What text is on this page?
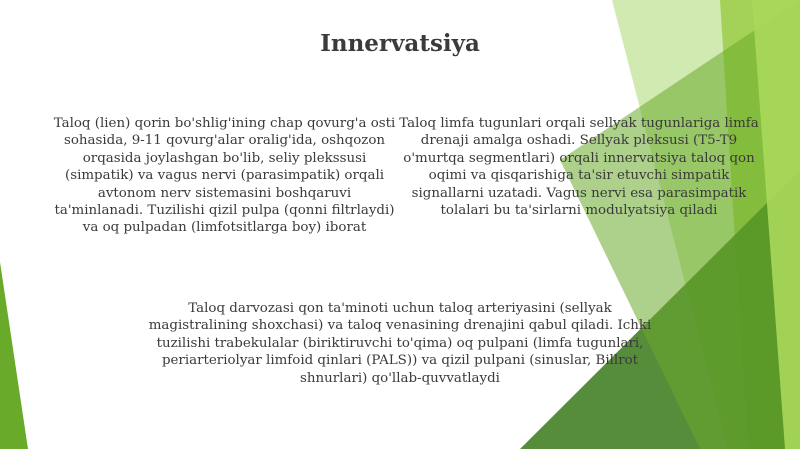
Innervatsiya

Taloq (lien) qorin bo'shlig'ining chap qovurg'a osti sohasida, 9-11 qovurg'alar oralig'ida, oshqozon orqasida joylashgan bo'lib, seliy plekssusi (simpatik) va vagus nervi (parasimpatik) orqali avtonom nerv sistemasini boshqaruvi ta'minlanadi. Tuzilishi qizil pulpa (qonni filtrlaydi) va oq pulpadan (limfotsitlarga boy) iborat

Taloq limfa tugunlari orqali sellyak tugunlariga limfa drenaji amalga oshadi. Sellyak pleksusi (T5-T9 o'murtqa segmentlari) orqali innervatsiya taloq qon oqimi va qisqarishiga ta'sir etuvchi simpatik signallarni uzatadi. Vagus nervi esa parasimpatik tolalari bu ta'sirlarni modulyatsiya qiladi

Taloq darvozasi qon ta'minoti uchun taloq arteriyasini (sellyak magistralining shoxchasi) va taloq venasining drenajini qabul qiladi. Ichki tuzilishi trabekulalar (biriktiruvchi to'qima) oq pulpani (limfa tugunlari, periarteriolyar limfoid qinlari (PALS)) va qizil pulpani (sinuslar, Billrot shnurlari) qo'llab-quvvatlaydi
